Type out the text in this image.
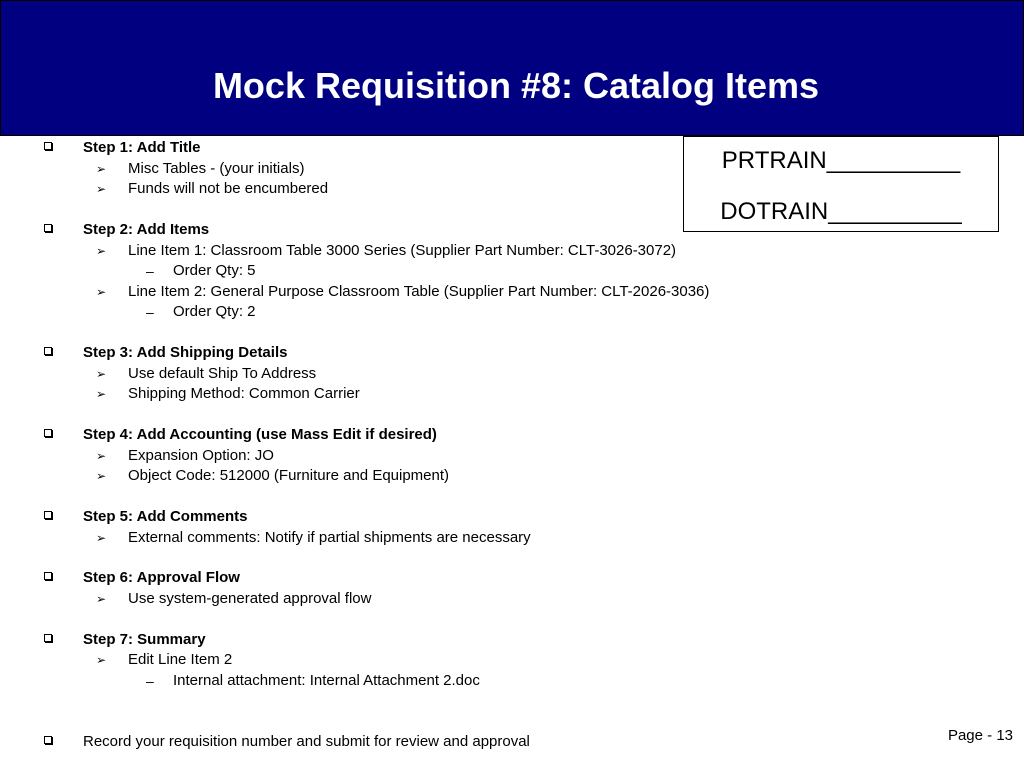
Mock Requisition #8: Catalog Items
PRTRAIN__________
DOTRAIN__________
Step 1: Add Title
➢ Misc Tables - (your initials)
➢ Funds will not be encumbered
Step 2: Add Items
➢ Line Item 1: Classroom Table 3000 Series (Supplier Part Number: CLT-3026-3072)
– Order Qty: 5
➢ Line Item 2: General Purpose Classroom Table (Supplier Part Number: CLT-2026-3036)
– Order Qty: 2
Step 3: Add Shipping Details
➢ Use default Ship To Address
➢ Shipping Method: Common Carrier
Step 4: Add Accounting (use Mass Edit if desired)
➢ Expansion Option: JO
➢ Object Code: 512000 (Furniture and Equipment)
Step 5: Add Comments
➢ External comments: Notify if partial shipments are necessary
Step 6: Approval Flow
➢ Use system-generated approval flow
Step 7: Summary
➢ Edit Line Item 2
– Internal attachment: Internal Attachment 2.doc
Record your requisition number and submit for review and approval	Page - 13
